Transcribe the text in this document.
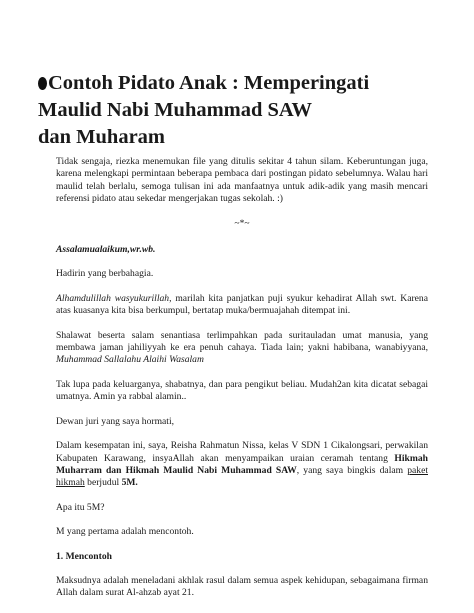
Contoh Pidato Anak : Memperingati
Maulid Nabi Muhammad SAW
dan Muharam

Tidak sengaja, riezka menemukan file yang ditulis sekitar 4 tahun silam. Keberuntungan juga,
karena melengkapi permintaan beberapa pembaca dari postingan pidato sebelumnya. Walau hari
maulid telah berlalu, semoga tulisan ini ada manfaatnya untuk adik-adik yang masih mencari
referensi pidato atau sekedar mengerjakan tugas sekolah. :)

~*~

Assalamualaikum,wr.wb.

Hadirin yang berbahagia.

Alhamdulillah wasyukurillah, marilah kita panjatkan puji syukur kehadirat Allah swt. Karena
atas kuasanya kita bisa berkumpul, bertatap muka/bermuajahah ditempat ini.

Shalawat beserta salam senantiasa terlimpahkan pada suritauladan umat manusia, yang
membawa jaman jahiliyyah ke era penuh cahaya. Tiada lain; yakni habibana, wanabiyyana,
Muhammad Sallalahu Alaihi Wasalam

Tak lupa pada keluarganya, shabatnya, dan para pengikut beliau. Mudah2an kita dicatat sebagai
umatnya. Amin ya rabbal alamin..

Dewan juri yang saya hormati,

Dalam kesempatan ini, saya, Reisha Rahmatun Nissa, kelas V SDN 1 Cikalongsari, perwakilan
Kabupaten Karawang, insyaAllah akan menyampaikan uraian ceramah tentang Hikmah
Muharram dan Hikmah Maulid Nabi Muhammad SAW, yang saya bingkis dalam paket
hikmah berjudul 5M.

Apa itu 5M?

M yang pertama adalah mencontoh.

1. Mencontoh

Maksudnya adalah meneladani akhlak rasul dalam semua aspek kehidupan, sebagaimana firman
Allah dalam surat Al-ahzab ayat 21.
